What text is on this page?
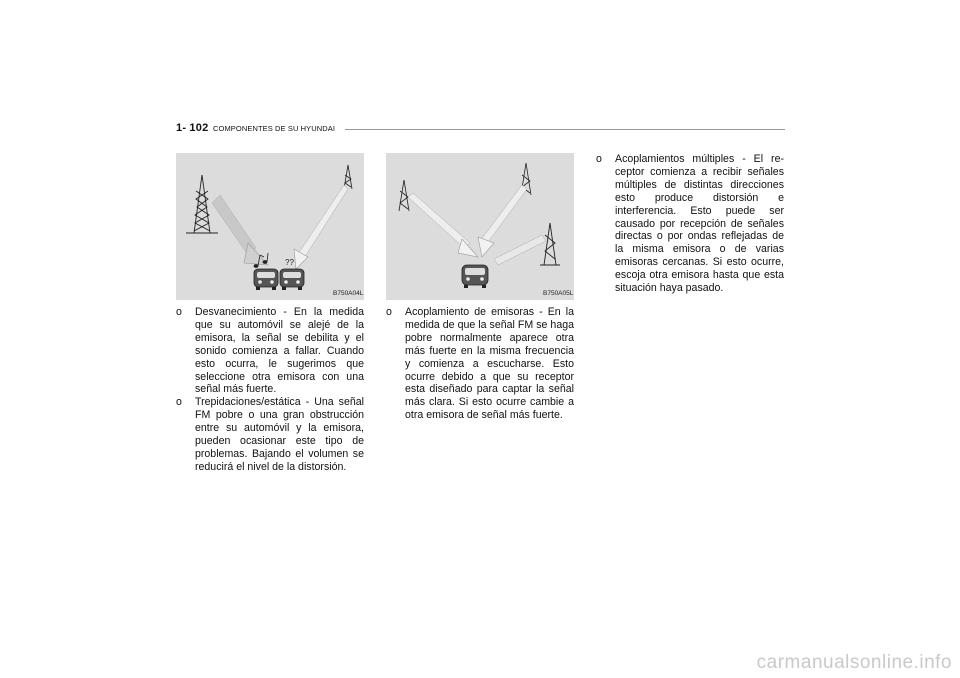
1- 102 COMPONENTES DE SU HYUNDAI
??
B750A04L	B750A05L

o Desvanecimiento - En la medida que su automóvil se alejé de la emisora, la señal se debilita y el sonido comienza a fallar. Cuando esto ocurra, le sugerimos que seleccione otra emisora con una señal más fuerte.

o Trepidaciones/estática - Una señal FM pobre o una gran obstrucción entre su automóvil y la emisora, pueden ocasionar este tipo de problemas. Bajando el volumen se reducirá el nivel de la distorsión.

o Acoplamiento de emisoras - En la medida de que la señal FM se haga pobre normalmente aparece otra más fuerte en la misma frecuencia y comienza a escucharse. Esto ocurre debido a que su receptor esta diseñado para captar la señal más clara. Si esto ocurre cambie a otra emisora de señal más fuerte.

o Acoplamientos múltiples - El re-ceptor comienza a recibir señales múltiples de distintas direcciones esto produce distorsión e interferencia. Esto puede ser causado por recepción de señales directas o por ondas reflejadas de la misma emisora o de varias emisoras cercanas. Si esto ocurre, escoja otra emisora hasta que esta situación haya pasado.

carmanualsonline.info
